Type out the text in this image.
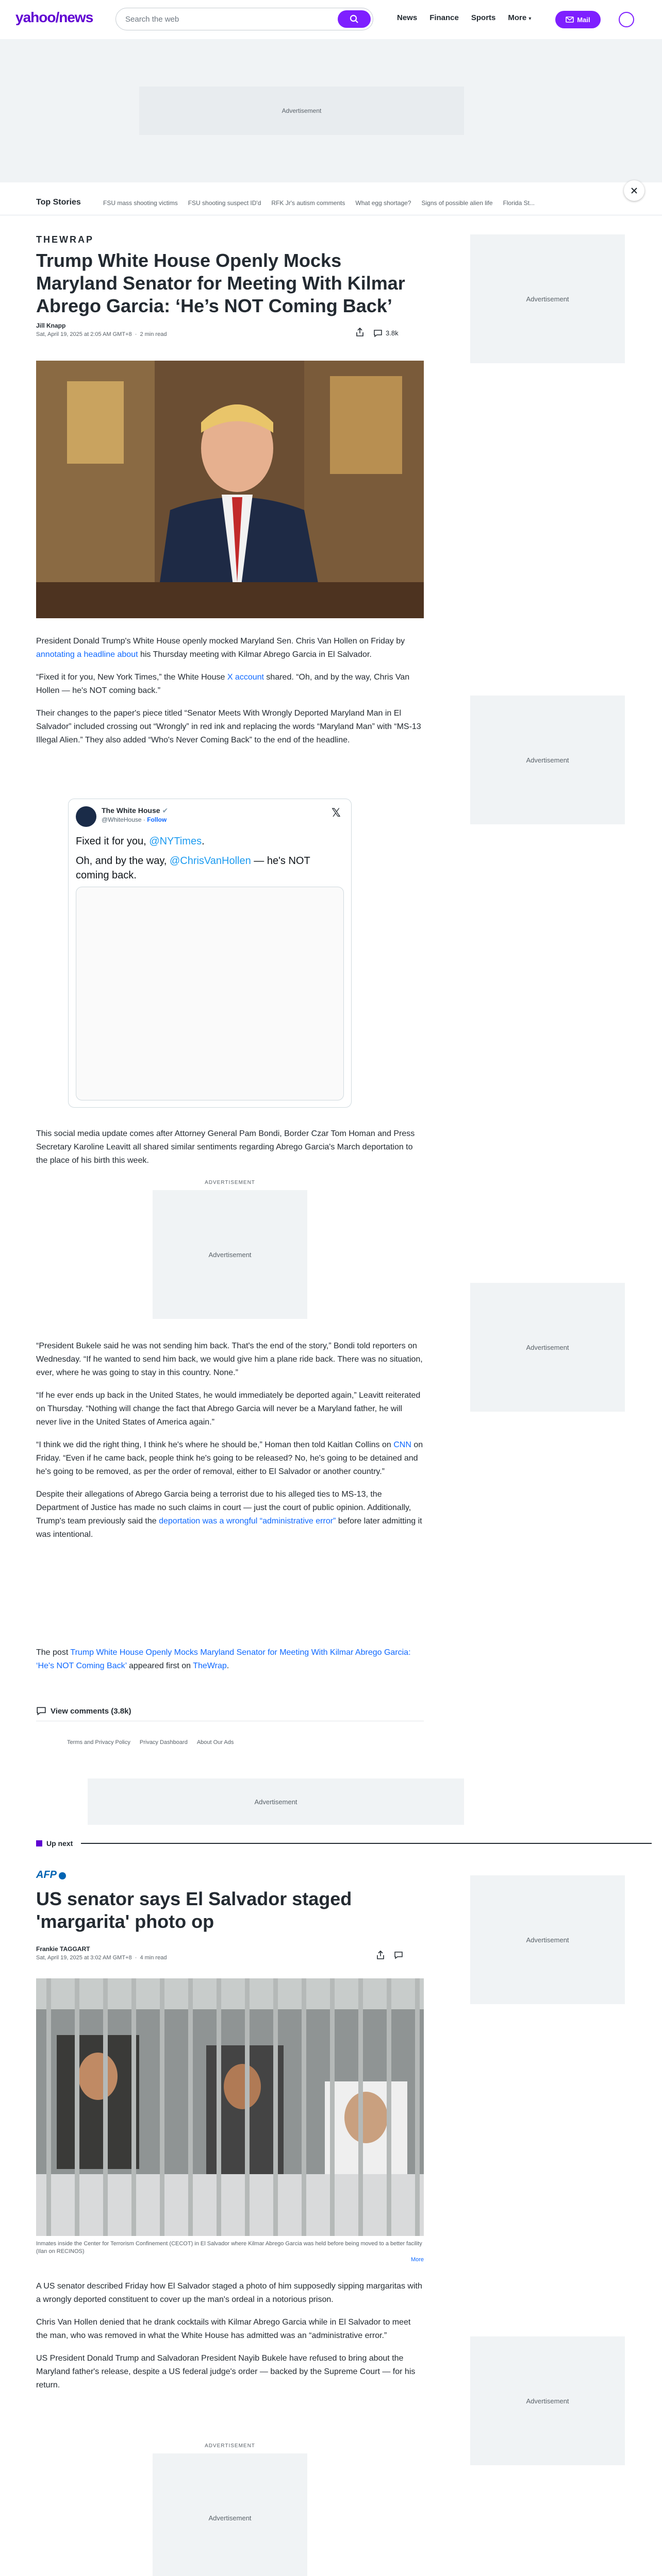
yahoo/news
Search the web	News Finance Sports More ▾	Mail
Advertisement
Top Stories	FSU mass shooting victims FSU shooting suspect ID'd RFK Jr's autism comments What egg shortage? Signs of possible alien life Florida St...
THEWRAP
Trump White House Openly Mocks Maryland Senator for Meeting With Kilmar Abrego Garcia: ‘He’s NOT Coming Back’
Jill Knapp
Sat, April 19, 2025 at 2:05 AM GMT+8  ·  2 min read	3.8k

President Donald Trump's White House openly mocked Maryland Sen. Chris Van Hollen on Friday by annotating a headline about his Thursday meeting with Kilmar Abrego Garcia in El Salvador.

“Fixed it for you, New York Times,” the White House X account shared. “Oh, and by the way, Chris Van Hollen — he's NOT coming back.”

Their changes to the paper's piece titled “Senator Meets With Wrongly Deported Maryland Man in El Salvador” included crossing out “Wrongly” in red ink and replacing the words “Maryland Man” with “MS-13 Illegal Alien.” They also added “Who's Never Coming Back” to the end of the headline.

The White House ✔
@WhiteHouse · Follow
𝕏
Fixed it for you, @NYTimes.
Oh, and by the way, @ChrisVanHollen — he's NOT coming back.

This social media update comes after Attorney General Pam Bondi, Border Czar Tom Homan and Press Secretary Karoline Leavitt all shared similar sentiments regarding Abrego Garcia's March deportation to the place of his birth this week.

ADVERTISEMENT
Advertisement

“President Bukele said he was not sending him back. That's the end of the story,” Bondi told reporters on Wednesday. “If he wanted to send him back, we would give him a plane ride back. There was no situation, ever, where he was going to stay in this country. None.”

“If he ever ends up back in the United States, he would immediately be deported again,” Leavitt reiterated on Thursday. “Nothing will change the fact that Abrego Garcia will never be a Maryland father, he will never live in the United States of America again.”

“I think we did the right thing, I think he's where he should be,” Homan then told Kaitlan Collins on CNN on Friday. “Even if he came back, people think he's going to be released? No, he's going to be detained and he's going to be removed, as per the order of removal, either to El Salvador or another country.”

Despite their allegations of Abrego Garcia being a terrorist due to his alleged ties to MS-13, the Department of Justice has made no such claims in court — just the court of public opinion. Additionally, Trump's team previously said the deportation was a wrongful “administrative error” before later admitting it was intentional.

The post Trump White House Openly Mocks Maryland Senator for Meeting With Kilmar Abrego Garcia: ‘He's NOT Coming Back’ appeared first on TheWrap.

View comments (3.8k)
Terms and Privacy Policy Privacy Dashboard About Our Ads
Advertisement
Up next
AFP
US senator says El Salvador staged 'margarita' photo op
Frankie TAGGART
Sat, April 19, 2025 at 3:02 AM GMT+8  ·  4 min read
Inmates inside the Center for Terrorism Confinement (CECOT) in El Salvador where Kilmar Abrego Garcia was held before being moved to a better facility (Ilan on RECINOS)
More

A US senator described Friday how El Salvador staged a photo of him supposedly sipping margaritas with a wrongly deported constituent to cover up the man's ordeal in a notorious prison.

Chris Van Hollen denied that he drank cocktails with Kilmar Abrego Garcia while in El Salvador to meet the man, who was removed in what the White House has admitted was an “administrative error.”

US President Donald Trump and Salvadoran President Nayib Bukele have refused to bring about the Maryland father's release, despite a US federal judge's order — backed by the Supreme Court — for his return.

ADVERTISEMENT
Advertisement

Advertisement
Advertisement
Advertisement
Advertisement
Advertisement
